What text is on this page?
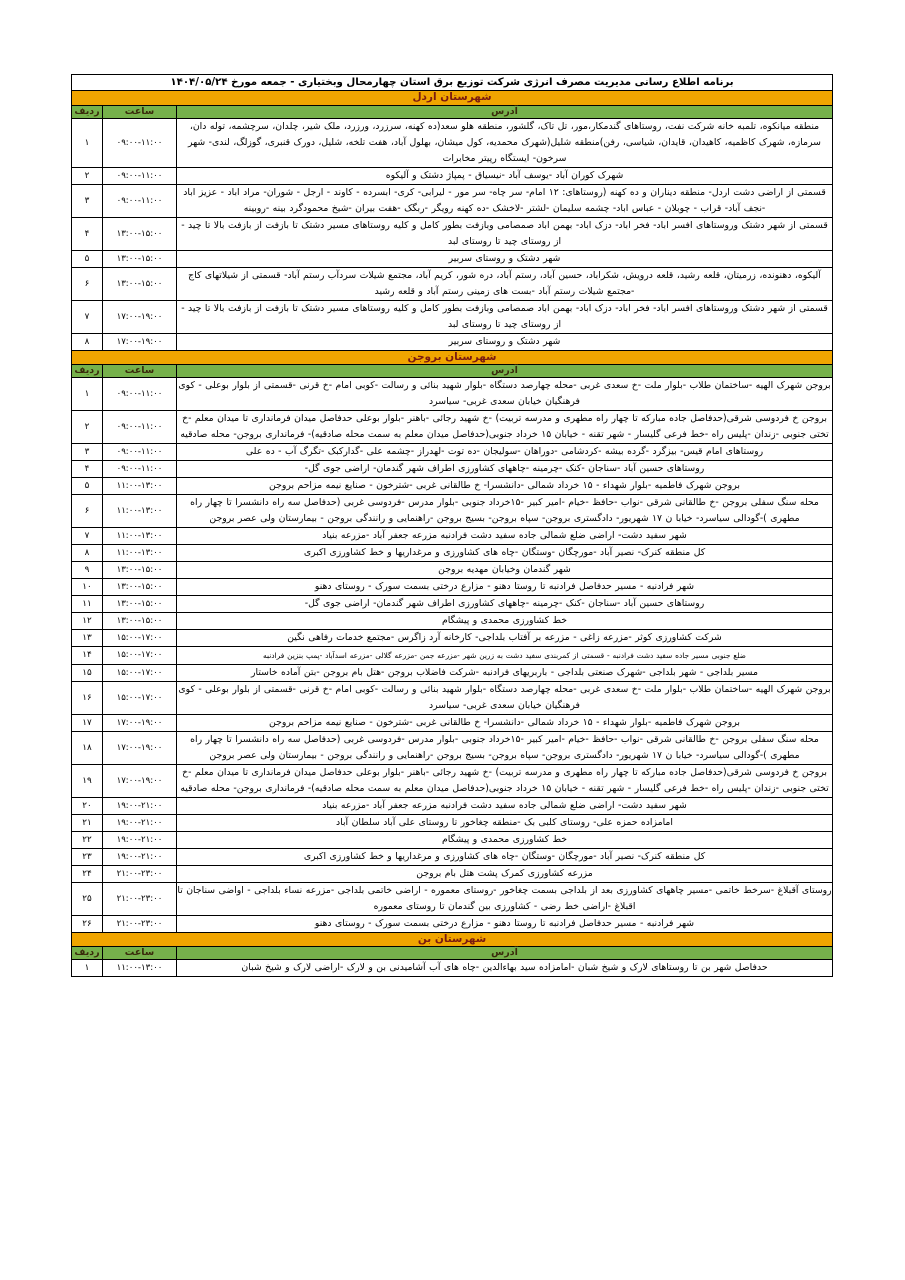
برنامه اطلاع رسانی مدیریت مصرف انرژی شرکت توزیع برق استان چهارمحال وبختیاری - جمعه مورخ ۱۴۰۴/۰۵/۲۴		
شهرستان اردل		
آدرس	ساعت	ردیف
منطقه میانکوه، تلمبه خانه شرکت نفت، روستاهای گندمکار،مور، تل تاک، گلشور، منطقه هلو سعد(ده کهنه، سرزرد، ورزرد، ملک شیر، چلدان، سرچشمه، توله دان، سرمازه، شهرک کاظمیه، کاهیدان، قایدان، شیاسی، رفن)منطقه شلیل(شهرک محمدیه، کول میشان، بهلول آباد، هفت تلخه، شلیل، دورک قنبری، گوزلگ، لندی- شهر سرخون- ایستگاه رپیتر مخابرات	۰۹:۰۰-۱۱:۰۰	۱
شهرک کوران آباد -یوسف آباد -نیسیاق - پمپاژ دشتک و آلیکوه	۰۹:۰۰-۱۱:۰۰	۲
قسمتی از اراضی دشت اردل- منطقه دیناران و ده کهنه (روستاهای: ۱۲ امام- سر چاه- سر مور - لیرابی- کری- ابسرده - کاوند - ارجل - شوران- مراد اباد - عزیز اباد -نجف آباد- قراب - چوبلان - عباس اباد- چشمه سلیمان -لشتر -لاخشک -ده کهنه رویگر -ربگک -هفت بیران -شیخ محمودگرد بینه -روبینه	۰۹:۰۰-۱۱:۰۰	۳
قسمتی از شهر دشتک وروستاهای افسر اباد- فخر اباد- دزک اباد- بهمن اباد صمصامی وبازفت بطور کامل و کلیه روستاهای مسیر دشتک تا بازفت از بازفت بالا تا چید - از روستای چید تا روستای لبد	۱۳:۰۰-۱۵:۰۰	۴
شهر دشتک و روستای سربیر	۱۳:۰۰-۱۵:۰۰	۵
آلیکوه، دهنونده، زرمیتان، قلعه رشید، قلعه درویش، شکراباد، حسین آباد، رستم آباد، دره شور، کریم آباد، مجتمع شیلات سردآب رستم آباد- قسمتی از شیلاتهای کاج -مجتمع شیلات رستم آباد -بست های زمینی رستم آباد و قلعه رشید	۱۳:۰۰-۱۵:۰۰	۶
قسمتی از شهر دشتک وروستاهای افسر اباد- فخر اباد- دزک اباد- بهمن اباد صمصامی وبازفت بطور کامل و کلیه روستاهای مسیر دشتک تا بازفت از بازفت بالا تا چید - از روستای چید تا روستای لبد	۱۷:۰۰-۱۹:۰۰	۷
شهر دشتک و روستای سربیر	۱۷:۰۰-۱۹:۰۰	۸
شهرستان بروجن		
آدرس	ساعت	ردیف
بروجن شهرک الهیه -ساختمان طلاب -بلوار ملت -خ سعدی غربی -محله چهارصد دستگاه -بلوار شهید بنائی و رسالت -کوبی امام -خ قرنی -قسمتی از بلوار بوعلی - کوی فرهنگیان خیابان سعدی غربی- سیاسرد	۰۹:۰۰-۱۱:۰۰	۱
بروجن خ فردوسی شرقی(حدفاصل جاده مبارکه تا چهار راه مطهری و مدرسه تربیت) -خ شهید رجائی -باهنر -بلوار بوعلی حدفاصل میدان فرمانداری تا میدان معلم -خ تختی جنوبی -زندان -پلیس راه -خط فرعی گلیسار - شهر تقنه - خیابان ۱۵ خرداد جنوبی(حدفاصل میدان معلم به سمت محله صادقیه)- فرمانداری بروجن- محله صادقیه	۰۹:۰۰-۱۱:۰۰	۲
روستاهای امام قیس- بیزگرد -گرده بیشه -کردشامی -دوراهان -سولیجان -ده توت -لهدراز -چشمه علی -گدارکبک -تگرگ آب - ده علی	۰۹:۰۰-۱۱:۰۰	۳
روستاهای حسین آباد -سناجان -کنک -چرمینه -چاههای کشاورزی اطراف شهر گندمان- اراضی جوی گل-	۰۹:۰۰-۱۱:۰۰	۴
بروجن شهرک فاطمیه -بلوار شهداء - ۱۵ خرداد شمالی -دانشسرا- خ طالقانی غربی -شترخون - صنایع نیمه مزاحم بروجن	۱۱:۰۰-۱۳:۰۰	۵
محله سنگ سفلی بروجن -خ طالقانی شرقی -نواب -حافظ -خیام -امیر کبیر -۱۵خرداد جنوبی -بلوار مدرس -فردوسی غربی (حدفاصل سه راه دانشسرا تا چهار راه مطهری )-گودالی سیاسرد- خیابا ن ۱۷ شهریور- دادگستری بروجن- سپاه بروجن- بسیج بروجن -راهنمایی و رانندگی بروجن - بیمارستان ولی عصر بروجن	۱۱:۰۰-۱۳:۰۰	۶
شهر سفید دشت- اراضی ضلع شمالی جاده سفید دشت فرادنبه مزرعه جعفر آباد -مزرعه بنیاد	۱۱:۰۰-۱۳:۰۰	۷
کل منطقه کنرک- نصیر آباد -مورچگان -وستگان -چاه های کشاورزی و مرغداریها و خط کشاورزی اکبری	۱۱:۰۰-۱۳:۰۰	۸
شهر گندمان وخیابان مهدیه بروجن	۱۳:۰۰-۱۵:۰۰	۹
شهر فرادنبه - مسیر حدفاصل فرادنبه تا روستا دهنو - مزارع درختی بسمت سورک - روستای دهنو	۱۳:۰۰-۱۵:۰۰	۱۰
روستاهای حسین آباد -سناجان -کنک -چرمینه -چاههای کشاورزی اطراف شهر گندمان- اراضی جوی گل-	۱۳:۰۰-۱۵:۰۰	۱۱
خط کشاورزی محمدی و پیشگام	۱۳:۰۰-۱۵:۰۰	۱۲
شرکت کشاورزی کوثر -مزرعه زاغی - مزرعه بر آفتاب بلداجی- کارخانه آرد زاگرس -مجتمع خدمات رفاهی نگین	۱۵:۰۰-۱۷:۰۰	۱۳
ضلع جنوبی مسیر جاده سفید دشت فرادنبه - قسمتی از کمربندی سفید دشت به زرین شهر -مزرعه جمن -مزرعه گلالی -مزرعه اسدآباد -پمپ بنزین فرادنبه	۱۵:۰۰-۱۷:۰۰	۱۴
مسیر بلداجی - شهر بلداجی -شهرک صنعتی بلداجی - باربریهای فرادنبه -شرکت فاضلاب بروجن -هتل بام بروجن -بتن آماده خاستار	۱۵:۰۰-۱۷:۰۰	۱۵
بروجن شهرک الهیه -ساختمان طلاب -بلوار ملت -خ سعدی غربی -محله چهارصد دستگاه -بلوار شهید بنائی و رسالت -کوبی امام -خ قرنی -قسمتی از بلوار بوعلی - کوی فرهنگیان خیابان سعدی غربی- سیاسرد	۱۵:۰۰-۱۷:۰۰	۱۶
بروجن شهرک فاطمیه -بلوار شهداء - ۱۵ خرداد شمالی -دانشسرا- خ طالقانی غربی -شترخون - صنایع نیمه مزاحم بروجن	۱۷:۰۰-۱۹:۰۰	۱۷
محله سنگ سفلی بروجن -خ طالقانی شرقی -نواب -حافظ -خیام -امیر کبیر -۱۵خرداد جنوبی -بلوار مدرس -فردوسی غربی (حدفاصل سه راه دانشسرا تا چهار راه مطهری )-گودالی سیاسرد- خیابا ن ۱۷ شهریور- دادگستری بروجن- سپاه بروجن- بسیج بروجن -راهنمایی و رانندگی بروجن - بیمارستان ولی عصر بروجن	۱۷:۰۰-۱۹:۰۰	۱۸
بروجن خ فردوسی شرقی(حدفاصل جاده مبارکه تا چهار راه مطهری و مدرسه تربیت) -خ شهید رجائی -باهنر -بلوار بوعلی حدفاصل میدان فرمانداری تا میدان معلم -خ تختی جنوبی -زندان -پلیس راه -خط فرعی گلیسار - شهر تقنه - خیابان ۱۵ خرداد جنوبی(حدفاصل میدان معلم به سمت محله صادقیه)- فرمانداری بروجن- محله صادقیه	۱۷:۰۰-۱۹:۰۰	۱۹
شهر سفید دشت- اراضی ضلع شمالی جاده سفید دشت فرادنبه مزرعه جعفر آباد -مزرعه بنیاد	۱۹:۰۰-۲۱:۰۰	۲۰
امامزاده حمزه علی- روستای کلبی بک -منطقه چغاخور تا روستای علی آباد سلطان آباد	۱۹:۰۰-۲۱:۰۰	۲۱
خط کشاورزی محمدی و پیشگام	۱۹:۰۰-۲۱:۰۰	۲۲
کل منطقه کنرک- نصیر آباد -مورچگان -وستگان -چاه های کشاورزی و مرغداریها و خط کشاورزی اکبری	۱۹:۰۰-۲۱:۰۰	۲۳
مزرعه کشاورزی کمرک پشت هتل بام بروجن	۲۱:۰۰-۲۳:۰۰	۲۴
روستای آقبلاغ -سرخط خاتمی -مسیر چاههای کشاورزی بعد از بلداجی بسمت چغاخور -روستای معموره - اراضی خاتمی بلداجی -مزرعه نساء بلداجی - اواضی سناجان تا اقبلاغ -اراضی خط رضی - کشاورزی بین گندمان تا روستای معموره	۲۱:۰۰-۲۳:۰۰	۲۵
شهر فرادنبه - مسیر حدفاصل فرادنبه تا روستا دهنو - مزارع درختی بسمت سورک - روستای دهنو	۲۱:۰۰-۲۳:۰۰	۲۶
شهرستان بن		
آدرس	ساعت	ردیف
حدفاصل شهر بن تا روستاهای لارک و شیخ شبان -امامزاده سید بهاءالدین -چاه های آب آشامیدنی بن و لارک -اراضی لارک و شیخ شبان	۱۱:۰۰-۱۳:۰۰	۱
